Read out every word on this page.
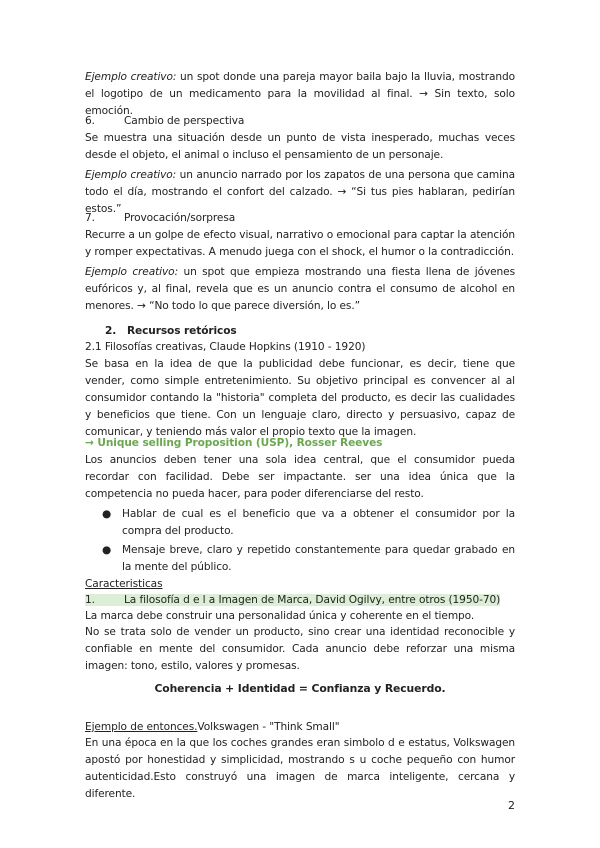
Ejemplo creativo: un spot donde una pareja mayor baila bajo la lluvia, mostrando el logotipo de un medicamento para la movilidad al final. → Sin texto, solo emoción.

6.	Cambio de perspectiva

Se muestra una situación desde un punto de vista inesperado, muchas veces desde el objeto, el animal o incluso el pensamiento de un personaje.

Ejemplo creativo: un anuncio narrado por los zapatos de una persona que camina todo el día, mostrando el confort del calzado. → “Si tus pies hablaran, pedirían estos.”

7.	Provocación/sorpresa

Recurre a un golpe de efecto visual, narrativo o emocional para captar la atención y romper expectativas. A menudo juega con el shock, el humor o la contradicción.

Ejemplo creativo: un spot que empieza mostrando una fiesta llena de jóvenes eufóricos y, al final, revela que es un anuncio contra el consumo de alcohol en menores. → “No todo lo que parece diversión, lo es.”

2.   Recursos retóricos

2.1 Filosofías creativas, Claude Hopkins (1910 - 1920)

Se basa en la idea de que la publicidad debe funcionar, es decir, tiene que vender, como simple entretenimiento. Su objetivo principal es convencer al al consumidor contando la "historia" completa del producto, es decir las cualidades y beneficios que tiene. Con un lenguaje claro, directo y persuasivo, capaz de comunicar, y teniendo más valor el propio texto que la imagen.

→ Unique selling Proposition (USP), Rosser Reeves

Los anuncios deben tener una sola idea central, que el consumidor pueda recordar con facilidad. Debe ser impactante. ser una idea única que la competencia no pueda hacer, para poder diferenciarse del resto.

● Hablar de cual es el beneficio que va a obtener el consumidor por la compra del producto.
● Mensaje breve, claro y repetido constantemente para quedar grabado en la mente del público.

Caracteristicas

1.	La filosofía d e l a Imagen de Marca, David Ogilvy, entre otros (1950-70)

La marca debe construir una personalidad única y coherente en el tiempo.

No se trata solo de vender un producto, sino crear una identidad reconocible y confiable en mente del consumidor. Cada anuncio debe reforzar una misma imagen: tono, estilo, valores y promesas.

Coherencia + Identidad = Confianza y Recuerdo.

Ejemplo de entonces.Volkswagen - "Think Small"

En una época en la que los coches grandes eran simbolo d e estatus, Volkswagen apostó por honestidad y simplicidad, mostrando s u coche pequeño con humor autenticidad.Esto construyó una imagen de marca inteligente, cercana y diferente.

2
